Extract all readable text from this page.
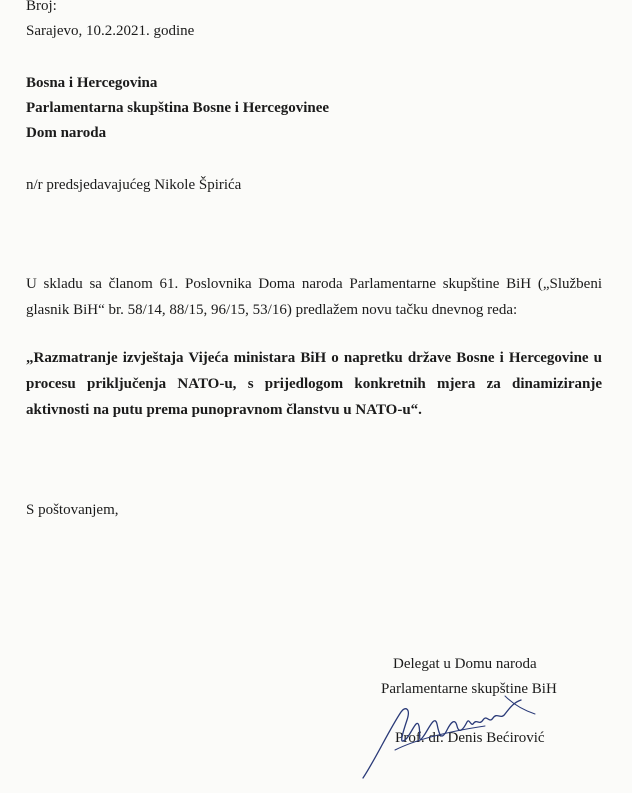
Broj:
Sarajevo, 10.2.2021. godine
Bosna i Hercegovina
Parlamentarna skupština Bosne i Hercegovinee
Dom naroda
n/r predsjedavajućeg Nikole Špirića
U skladu sa članom 61. Poslovnika Doma naroda Parlamentarne skupštine BiH („Službeni glasnik BiH“ br. 58/14, 88/15, 96/15, 53/16) predlažem novu tačku dnevnog reda:
„Razmatranje izvještaja Vijeća ministara BiH o napretku države Bosne i Hercegovine u procesu priključenja NATO-u, s prijedlogom konkretnih mjera za dinamiziranje aktivnosti na putu prema punopravnom članstvu u NATO-u“.
S poštovanjem,
Delegat u Domu naroda
Parlamentarne skupštine BiH
Prof. dr. Denis Bećirović
